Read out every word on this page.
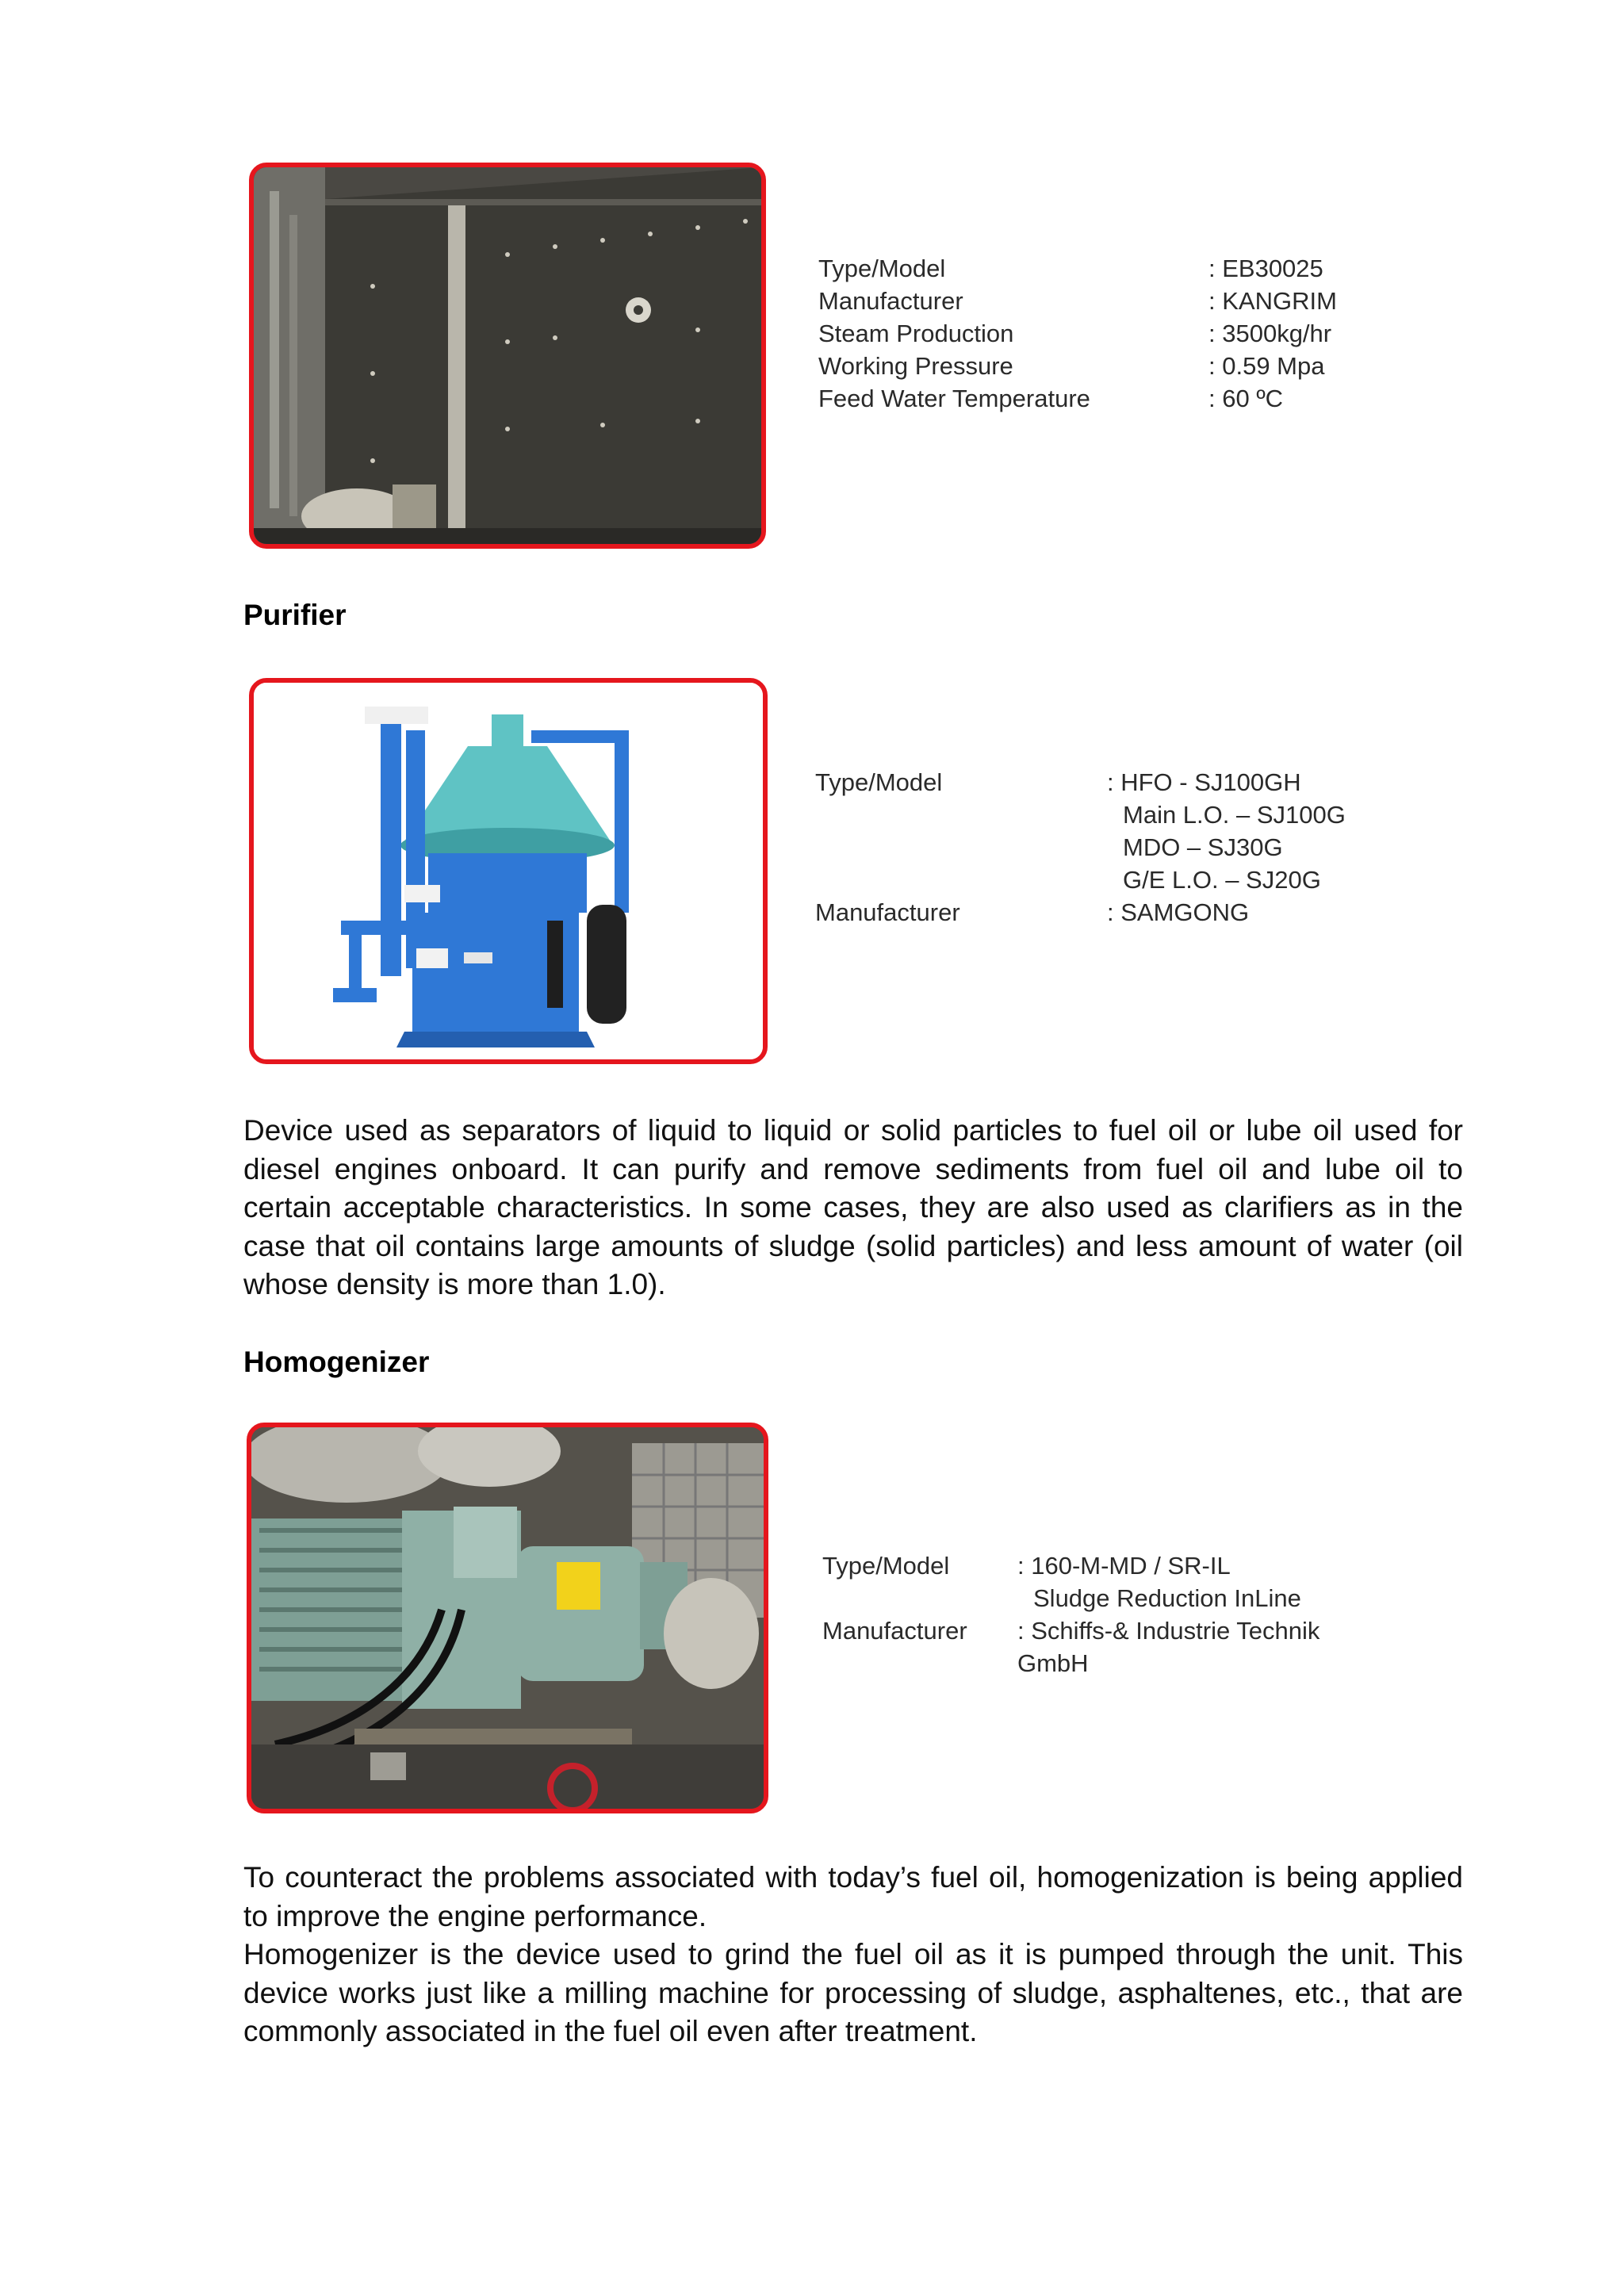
Type/Model	: EB30025
Manufacturer	: KANGRIM
Steam Production	: 3500kg/hr
Working Pressure	: 0.59 Mpa
Feed Water Temperature	: 60 ºC
Purifier
Type/Model	: HFO - SJ100GH
Main L.O. – SJ100G
MDO – SJ30G
G/E L.O. – SJ20G
Manufacturer	: SAMGONG

Device used as separators of liquid to liquid or solid particles to fuel oil or lube oil used for diesel engines onboard. It can purify and remove sediments from fuel oil and lube oil to certain acceptable characteristics. In some cases, they are also used as clarifiers as in the case that oil contains large amounts of sludge (solid particles) and less amount of water (oil whose density is more than 1.0).

Homogenizer
Type/Model	: 160-M-MD / SR-IL
Sludge Reduction InLine
Manufacturer : Schiffs-& Industrie Technik
GmbH

To counteract the problems associated with today’s fuel oil, homogenization is being applied to improve the engine performance.

Homogenizer is the device used to grind the fuel oil as it is pumped through the unit. This device works just like a milling machine for processing of sludge, asphaltenes, etc., that are commonly associated in the fuel oil even after treatment.
